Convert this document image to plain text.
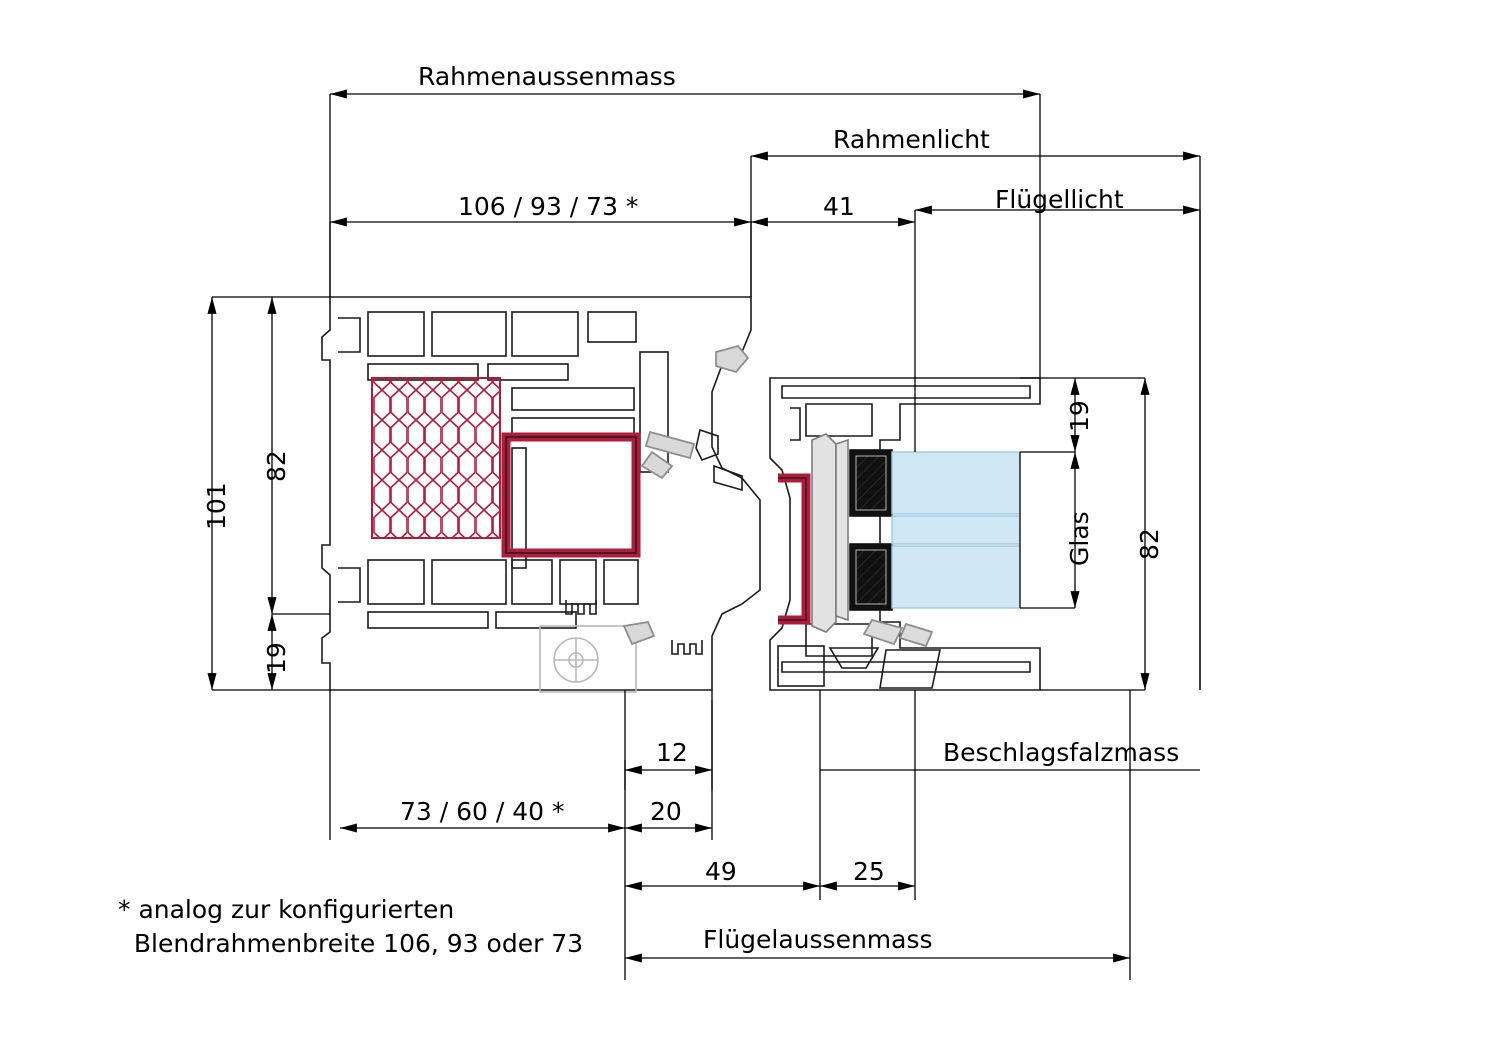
Rahmenaussenmass
Rahmenlicht
Flügellicht
106 / 93 / 73 *	41
101
82
19
19
Glas 82
12	Beschlagsfalzmass
73 / 60 / 40 *	20
49	25
Flügelaussenmass
* analog zur konfigurierten
Blendrahmenbreite 106, 93 oder 73
